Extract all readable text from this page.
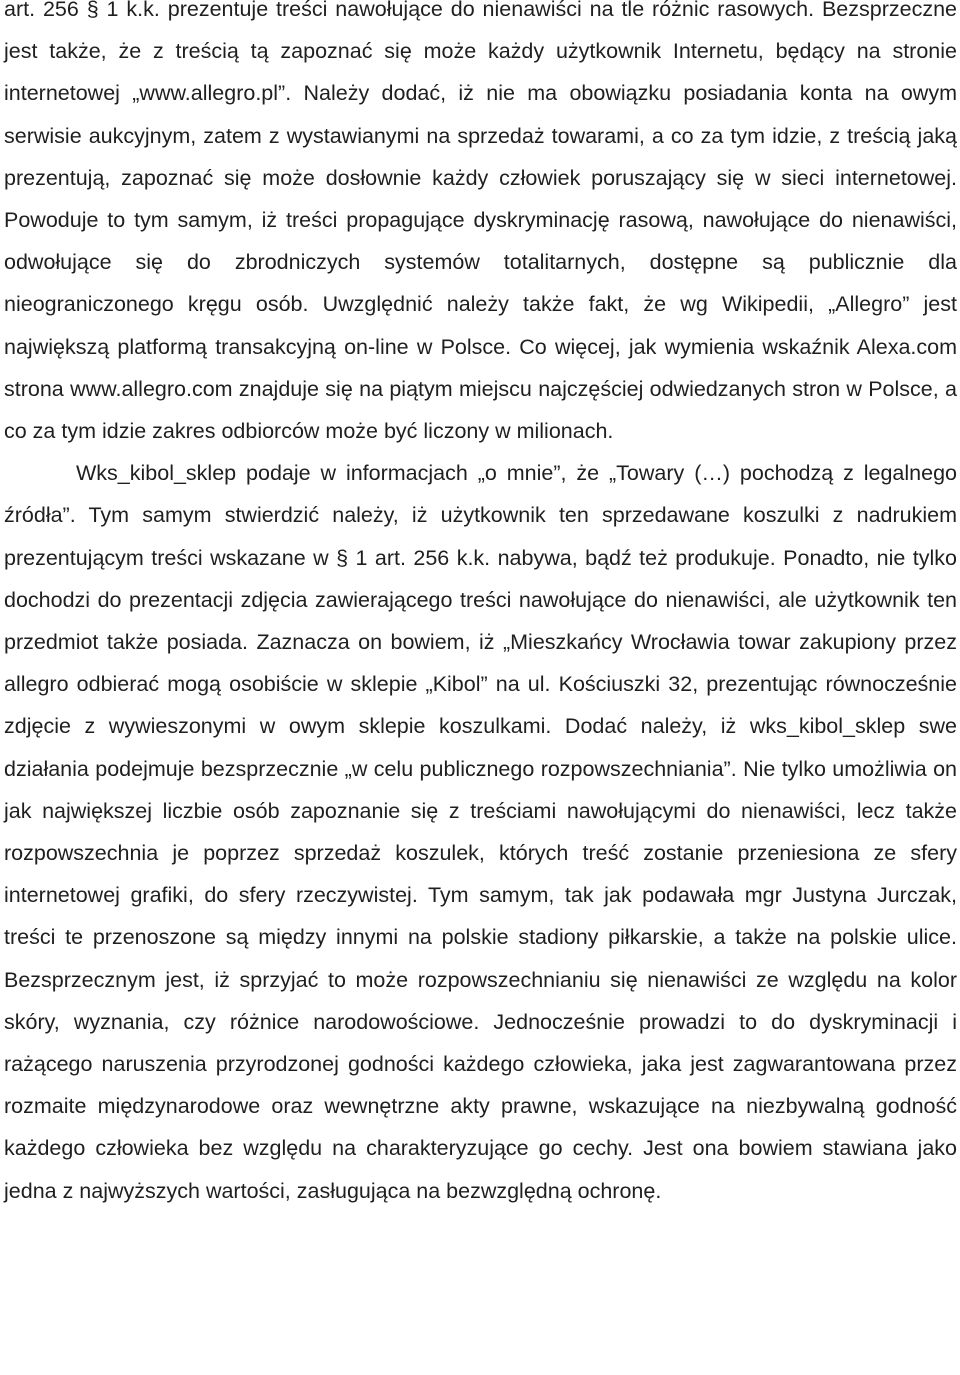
art. 256 § 1 k.k. prezentuje treści nawołujące do nienawiści na tle różnic rasowych. Bezsprzeczne jest także, że z treścią tą zapoznać się może każdy użytkownik Internetu, będący na stronie internetowej „www.allegro.pl”. Należy dodać, iż nie ma obowiązku posiadania konta na owym serwisie aukcyjnym, zatem z wystawianymi na sprzedaż towarami, a co za tym idzie, z treścią jaką prezentują, zapoznać się może dosłownie każdy człowiek poruszający się w sieci internetowej. Powoduje to tym samym, iż treści propagujące dyskryminację rasową, nawołujące do nienawiści, odwołujące się do zbrodniczych systemów totalitarnych, dostępne są publicznie dla nieograniczonego kręgu osób. Uwzględnić należy także fakt, że wg Wikipedii, „Allegro” jest największą platformą transakcyjną on-line w Polsce. Co więcej, jak wymienia wskaźnik Alexa.com strona www.allegro.com znajduje się na piątym miejscu najczęściej odwiedzanych stron w Polsce, a co za tym idzie zakres odbiorców może być liczony w milionach.

Wks_kibol_sklep podaje w informacjach „o mnie”, że „Towary (…) pochodzą z legalnego źródła”. Tym samym stwierdzić należy, iż użytkownik ten sprzedawane koszulki z nadrukiem prezentującym treści wskazane w § 1 art. 256 k.k. nabywa, bądź też produkuje. Ponadto, nie tylko dochodzi do prezentacji zdjęcia zawierającego treści nawołujące do nienawiści, ale użytkownik ten przedmiot także posiada. Zaznacza on bowiem, iż „Mieszkańcy Wrocławia towar zakupiony przez allegro odbierać mogą osobiście w sklepie „Kibol” na ul. Kościuszki 32, prezentując równocześnie zdjęcie z wywieszonymi w owym sklepie koszulkami. Dodać należy, iż wks_kibol_sklep swe działania podejmuje bezsprzecznie „w celu publicznego rozpowszechniania”. Nie tylko umożliwia on jak największej liczbie osób zapoznanie się z treściami nawołującymi do nienawiści, lecz także rozpowszechnia je poprzez sprzedaż koszulek, których treść zostanie przeniesiona ze sfery internetowej grafiki, do sfery rzeczywistej. Tym samym, tak jak podawała mgr Justyna Jurczak, treści te przenoszone są między innymi na polskie stadiony piłkarskie, a także na polskie ulice. Bezsprzecznym jest, iż sprzyjać to może rozpowszechnianiu się nienawiści ze względu na kolor skóry, wyznania, czy różnice narodowościowe. Jednocześnie prowadzi to do dyskryminacji i rażącego naruszenia przyrodzonej godności każdego człowieka, jaka jest zagwarantowana przez rozmaite międzynarodowe oraz wewnętrzne akty prawne, wskazujące na niezbywalną godność każdego człowieka bez względu na charakteryzujące go cechy. Jest ona bowiem stawiana jako jedna z najwyższych wartości, zasługująca na bezwzględną ochronę.
